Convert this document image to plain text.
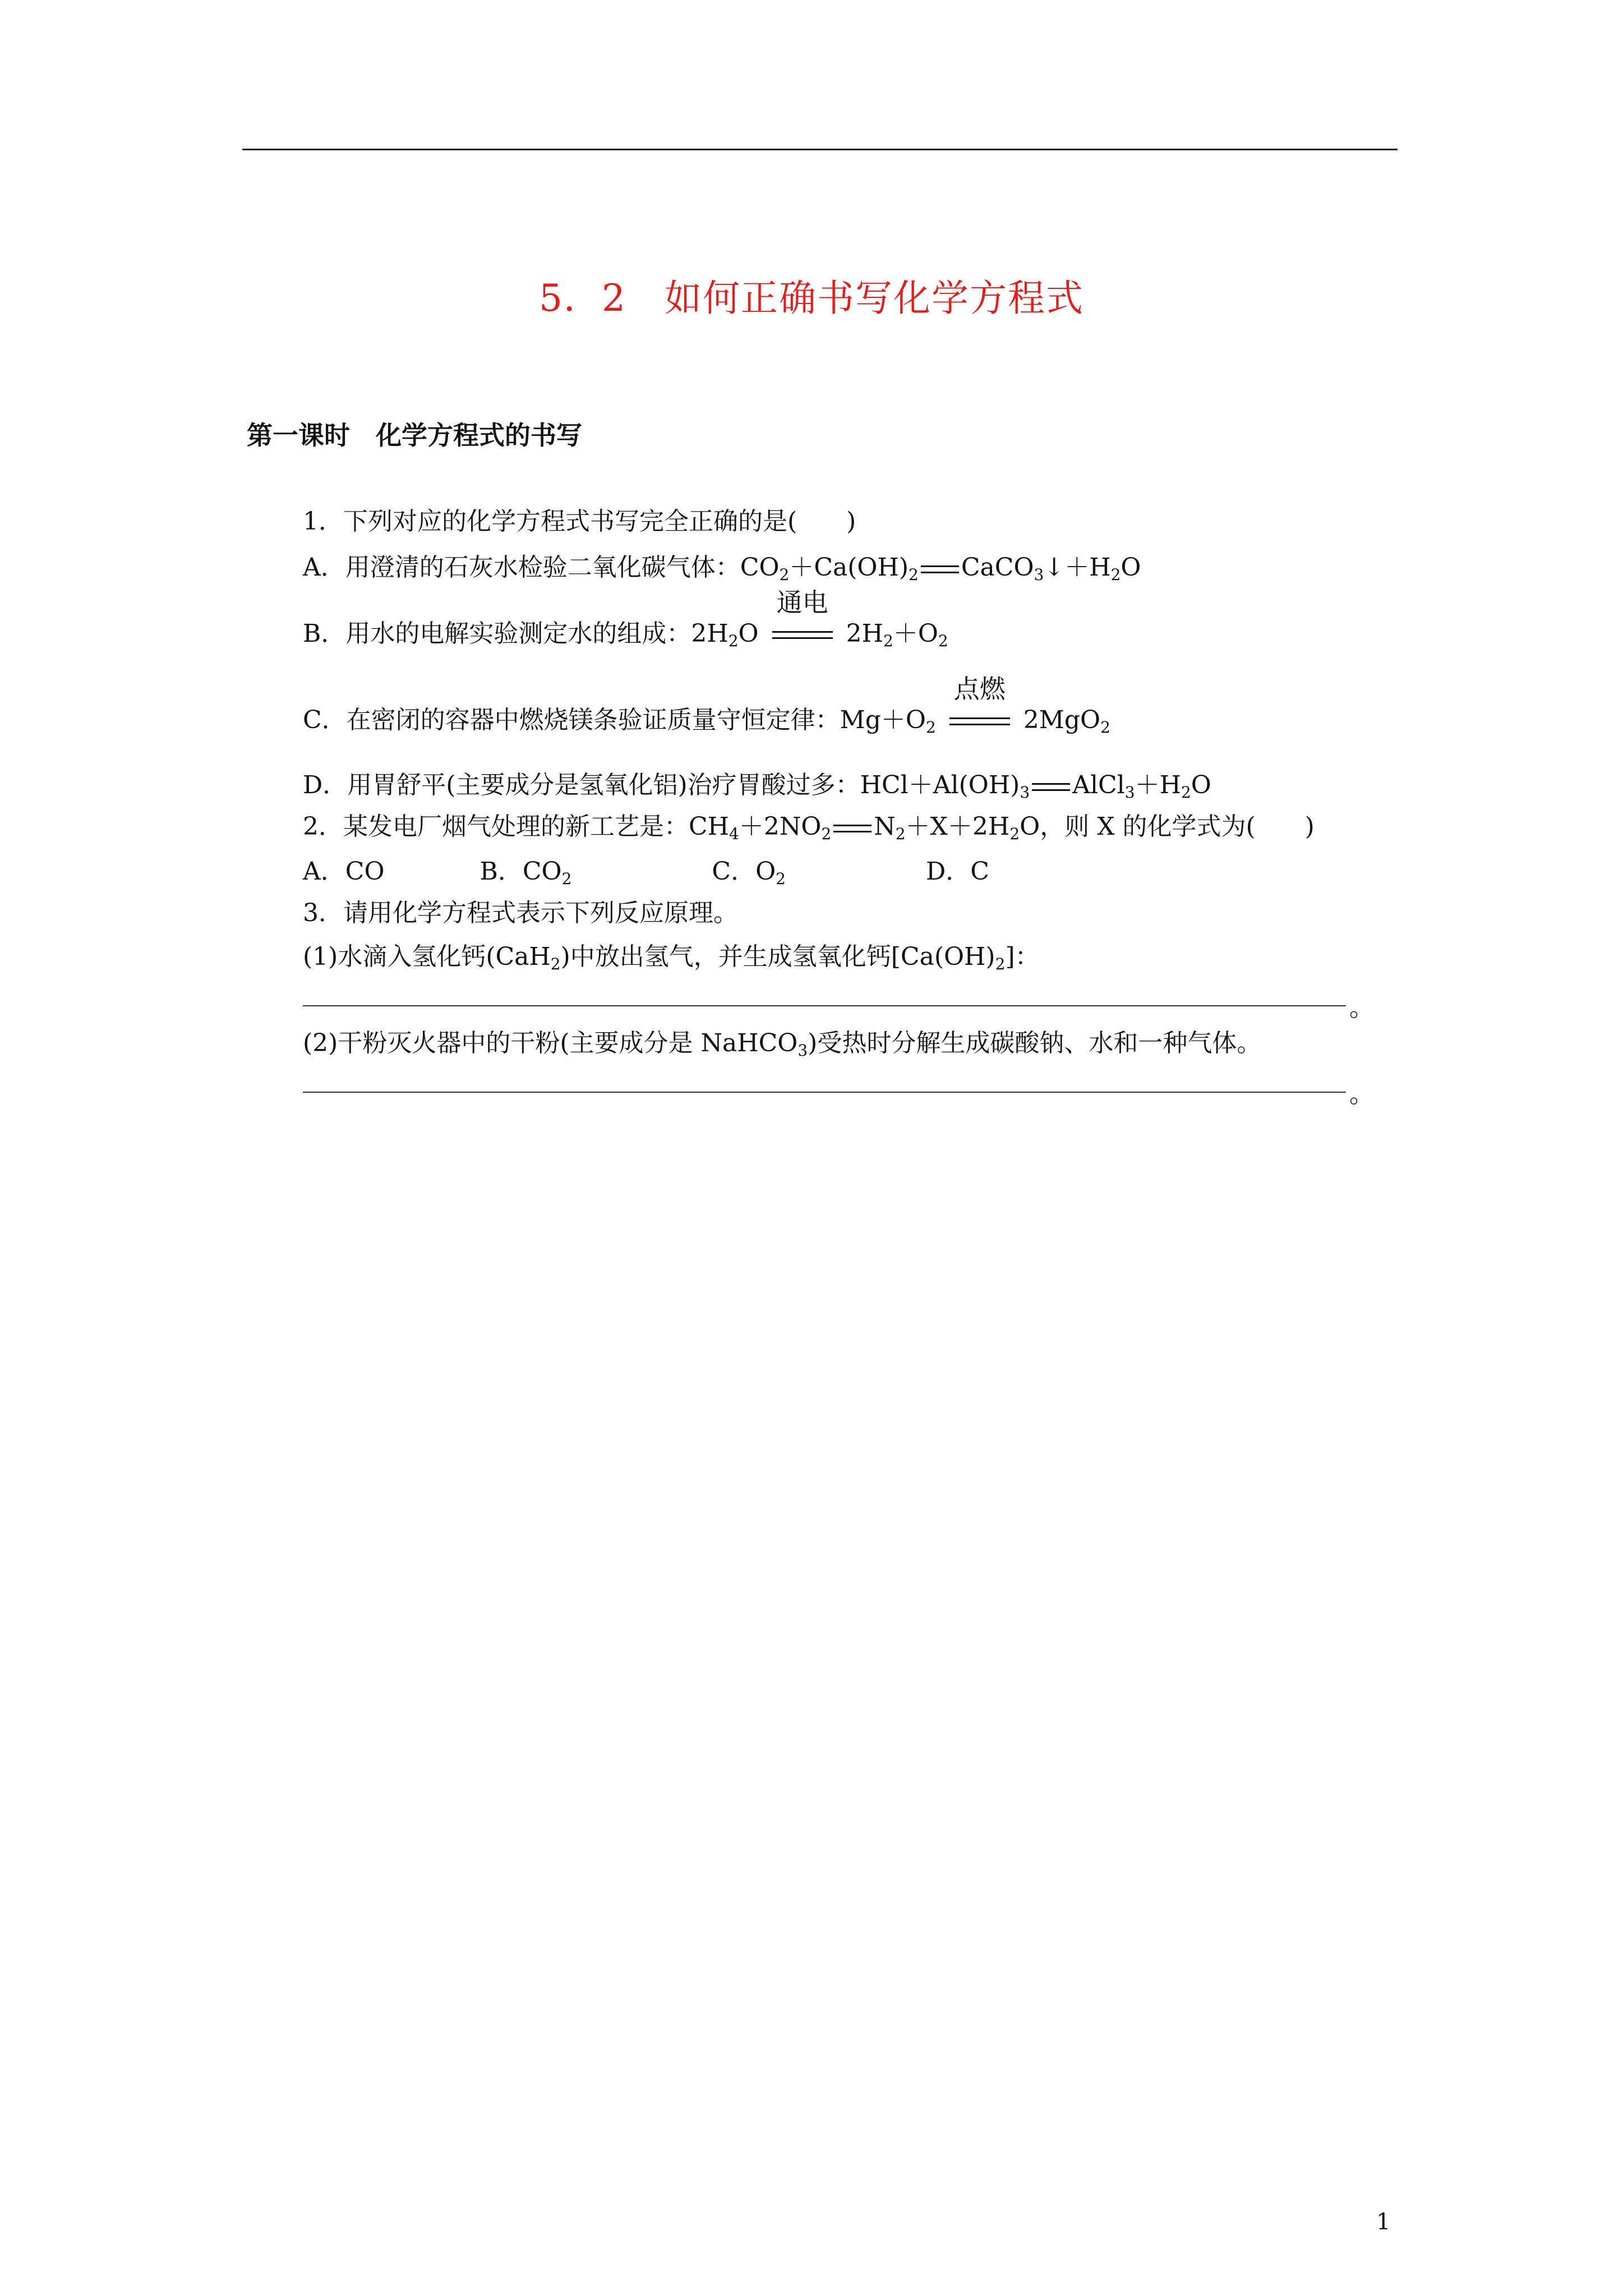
5．2　如何正确书写化学方程式
第一课时　化学方程式的书写
1．下列对应的化学方程式书写完全正确的是(　　)
A．用澄清的石灰水检验二氧化碳气体：$CO_2+Ca(OH)_2$ $CaCO_3↓+H_2O$
B．用水的电解实验测定水的组成：$2H_2O$
通电
$2H_2+O_2$
C．在密闭的容器中燃烧镁条验证质量守恒定律：$Mg+O_2$
点燃
2MgO$_2$
D．用胃舒平(主要成分是氢氧化铝)治疗胃酸过多：$HCl+Al(OH)_3$ $AlCl_3+H_2O$
2．某发电厂烟气处理的新工艺是：$CH_4+2NO_2$ $N_2+X+2H_2O$，则 X 的化学式为(　　)
A．CO	B．$CO_2$	C．$O_2$	D．C
3．请用化学方程式表示下列反应原理。
(1)水滴入氢化钙(CaH$_2$)中放出氢气，并生成氢氧化钙$[Ca(OH)_2]$：
。
(2)干粉灭火器中的干粉(主要成分是 NaHCO$_3$)受热时分解生成碳酸钠、水和一种气体。
。
1
